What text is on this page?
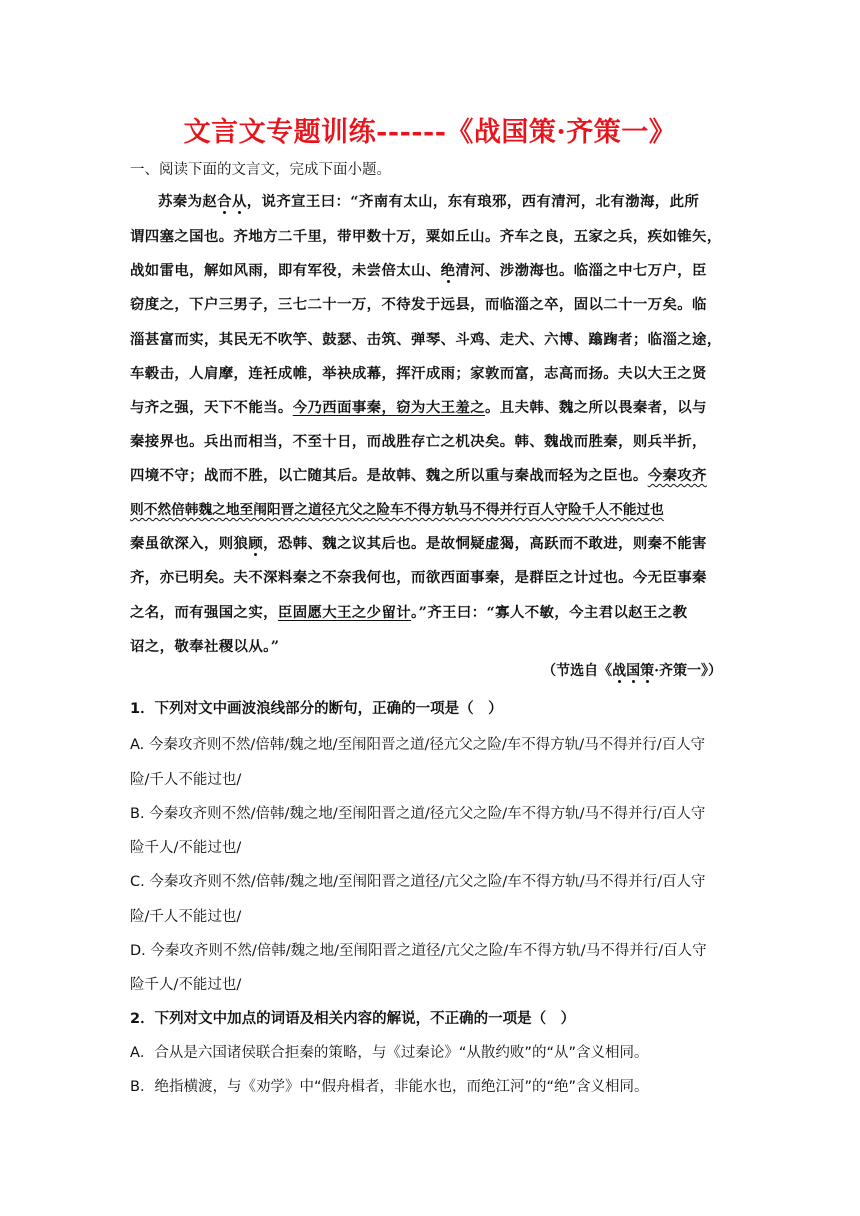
文言文专题训练------《战国策·齐策一》
一、阅读下面的文言文，完成下面小题。
苏秦为赵合从，说齐宣王曰：“齐南有太山，东有琅邪，西有清河，北有渤海，此所
谓四塞之国也。齐地方二千里，带甲数十万，粟如丘山。齐车之良，五家之兵，疾如锥矢，
战如雷电，解如风雨，即有军役，未尝倍太山、绝清河、涉渤海也。临淄之中七万户，臣
窃度之，下户三男子，三七二十一万，不待发于远县，而临淄之卒，固以二十一万矣。临
淄甚富而实，其民无不吹竽、鼓瑟、击筑、弹琴、斗鸡、走犬、六博、蹹踘者；临淄之途，
车毂击，人肩摩，连衽成帷，举袂成幕，挥汗成雨；家敦而富，志高而扬。夫以大王之贤
与齐之强，天下不能当。今乃西面事秦，窃为大王羞之。且夫韩、魏之所以畏秦者，以与
秦接界也。兵出而相当，不至十日，而战胜存亡之机决矣。韩、魏战而胜秦，则兵半折，
四境不守；战而不胜，以亡随其后。是故韩、魏之所以重与秦战而轻为之臣也。今秦攻齐
则不然倍韩魏之地至闱阳晋之道径亢父之险车不得方轨马不得并行百人守险千人不能过也
秦虽欲深入，则狼顾，恐韩、魏之议其后也。是故恫疑虚猲，高跃而不敢进，则秦不能害
齐，亦已明矣。夫不深料秦之不奈我何也，而欲西面事秦，是群臣之计过也。今无臣事秦
之名，而有强国之实，臣固愿大王之少留计。”齐王曰：“寡人不敏，今主君以赵王之教
诏之，敬奉社稷以从。”
（节选自《战国策·齐策一》）
1．下列对文中画波浪线部分的断句，正确的一项是（　）
A. 今秦攻齐则不然/倍韩/魏之地/至闱阳晋之道/径亢父之险/车不得方轨/马不得并行/百人守
险/千人不能过也/
B. 今秦攻齐则不然/倍韩/魏之地/至闱阳晋之道/径亢父之险/车不得方轨/马不得并行/百人守
险千人/不能过也/
C. 今秦攻齐则不然/倍韩/魏之地/至闱阳晋之道径/亢父之险/车不得方轨/马不得并行/百人守
险/千人不能过也/
D. 今秦攻齐则不然/倍韩/魏之地/至闱阳晋之道径/亢父之险/车不得方轨/马不得并行/百人守
险千人/不能过也/
2．下列对文中加点的词语及相关内容的解说，不正确的一项是（　）
A．合从是六国诸侯联合拒秦的策略，与《过秦论》“从散约败”的“从”含义相同。
B．绝指横渡，与《劝学》中“假舟楫者，非能水也，而绝江河”的“绝”含义相同。
